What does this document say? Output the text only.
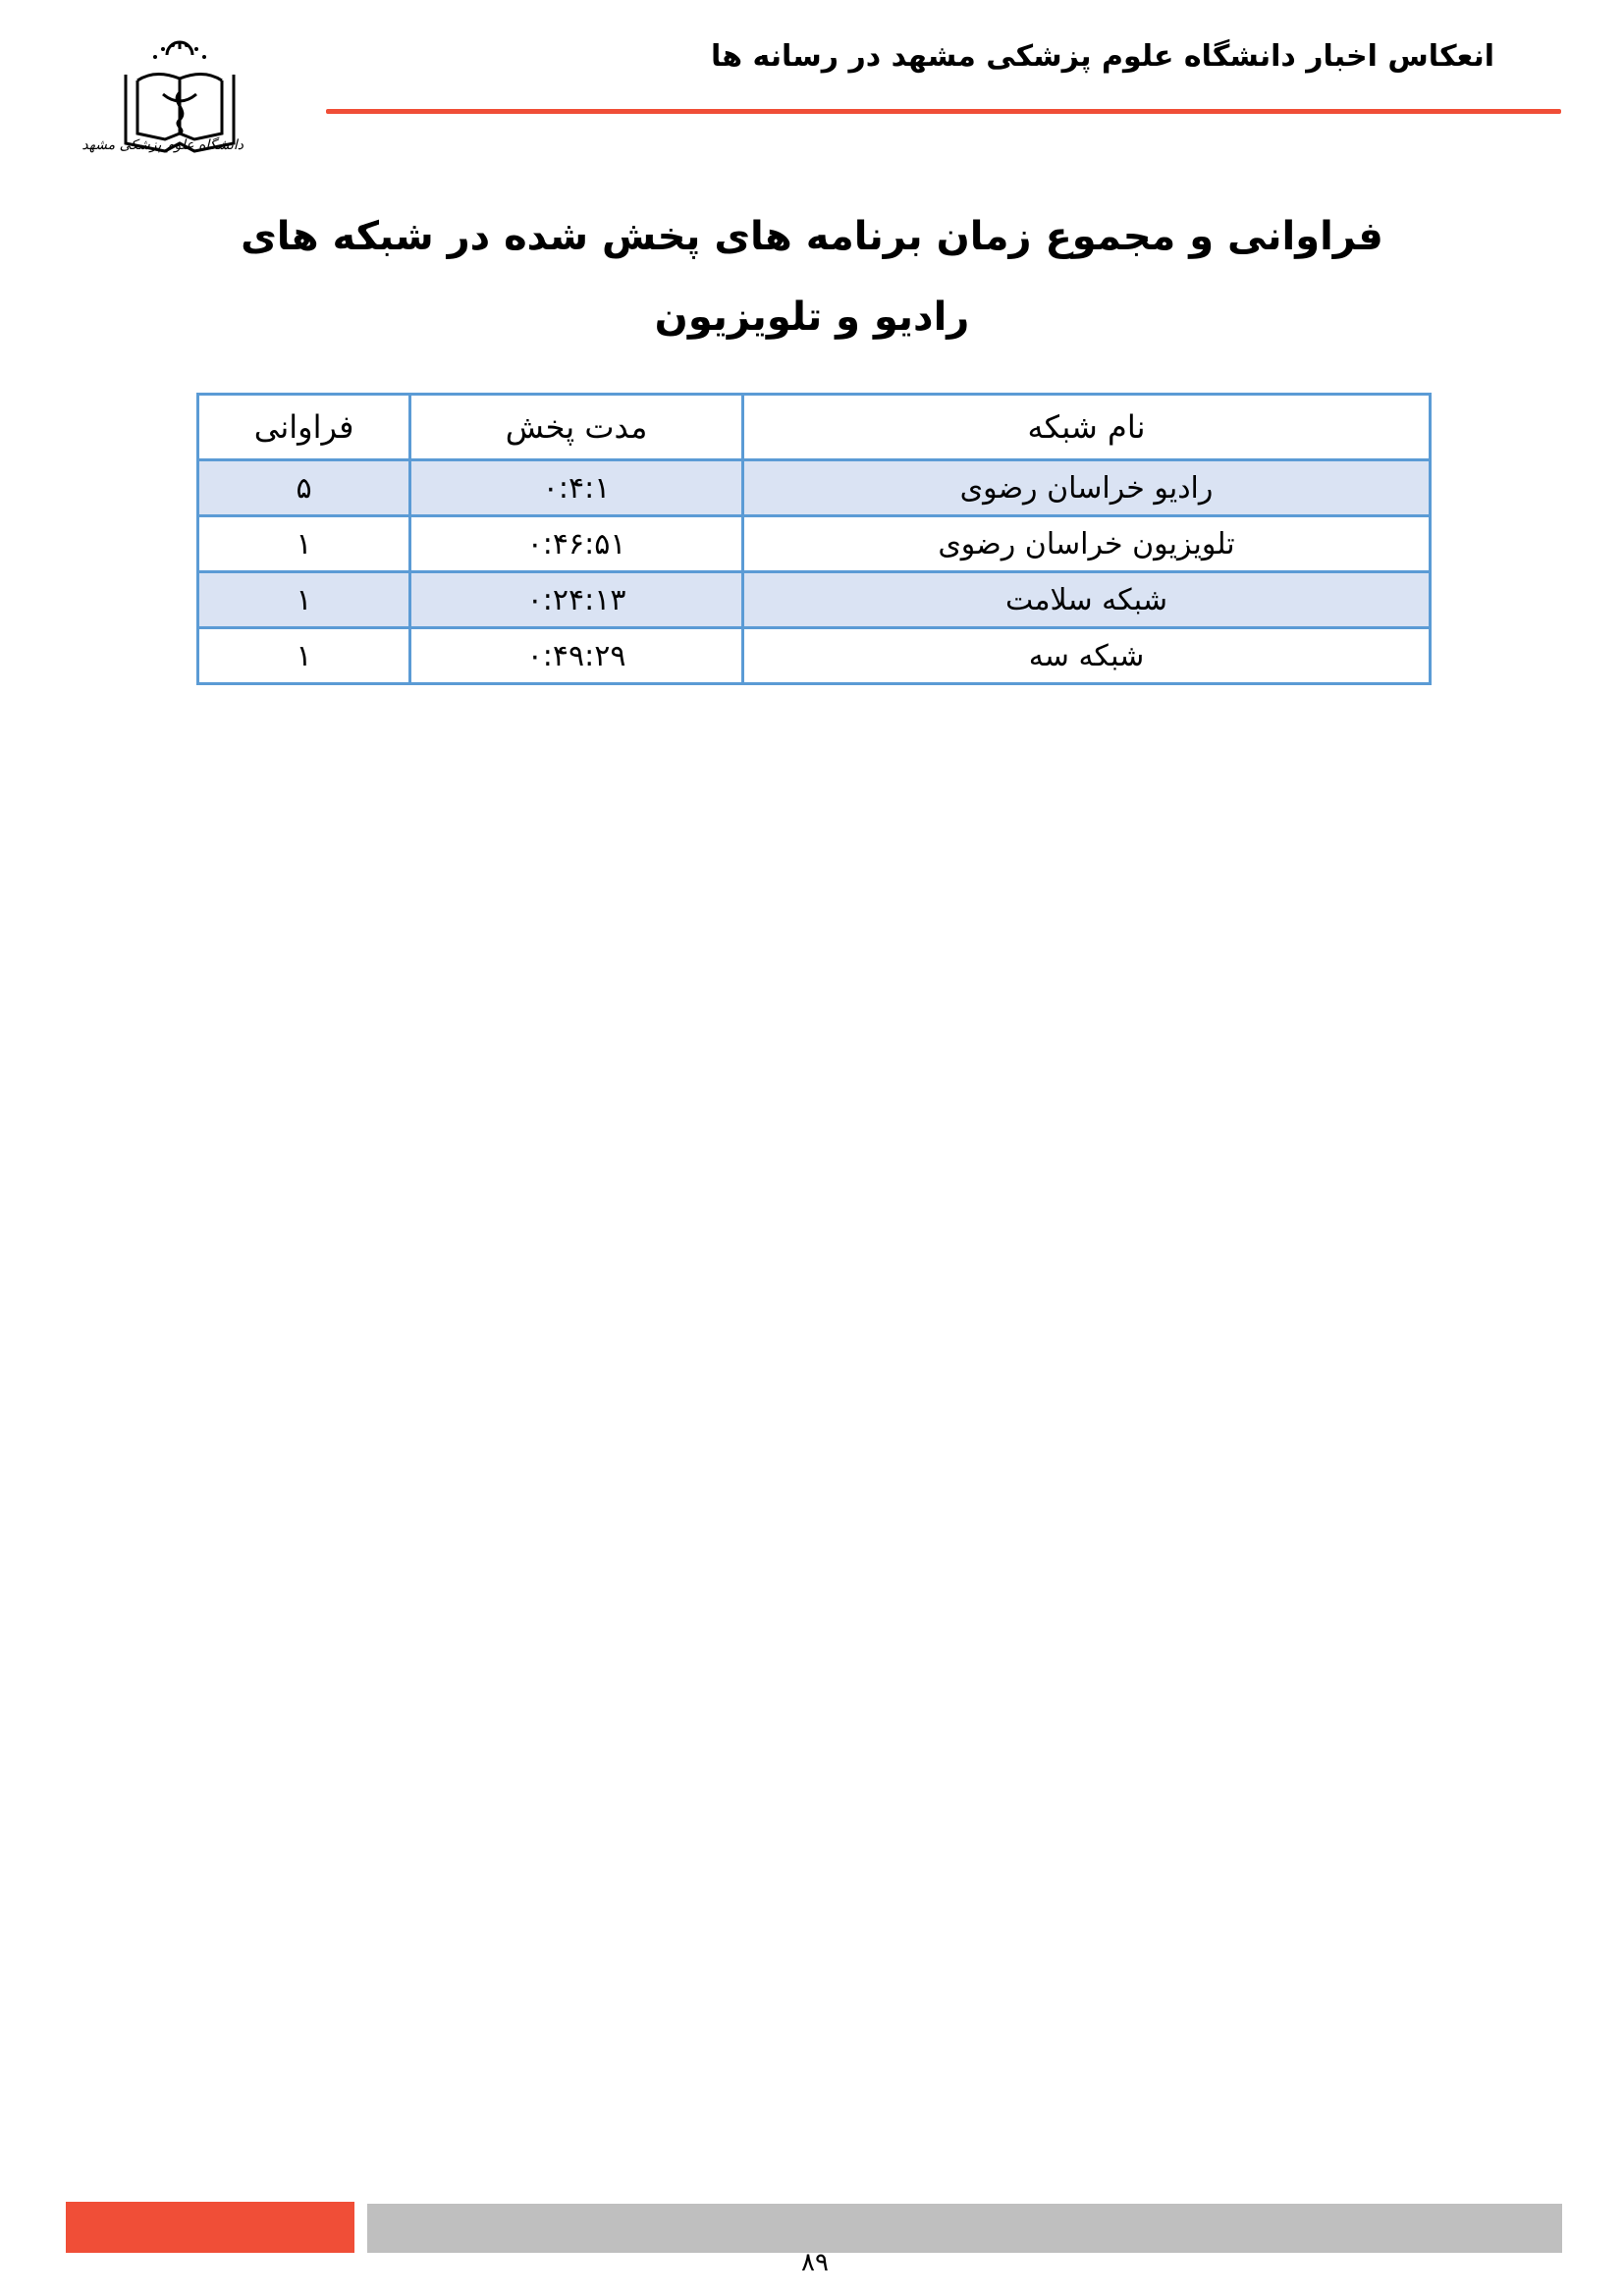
انعکاس اخبار دانشگاه علوم پزشکی مشهد در رسانه ها
دانشگاه علوم پزشکی مشهد
فراوانی و مجموع زمان برنامه های پخش شده در شبکه های رادیو و تلویزیون
نام شبکه	مدت پخش	فراوانی
رادیو خراسان رضوی	۰:۴:۱	۵
تلویزیون خراسان رضوی	۰:۴۶:۵۱	۱
شبکه سلامت	۰:۲۴:۱۳	۱
شبکه سه	۰:۴۹:۲۹	۱
۸۹
